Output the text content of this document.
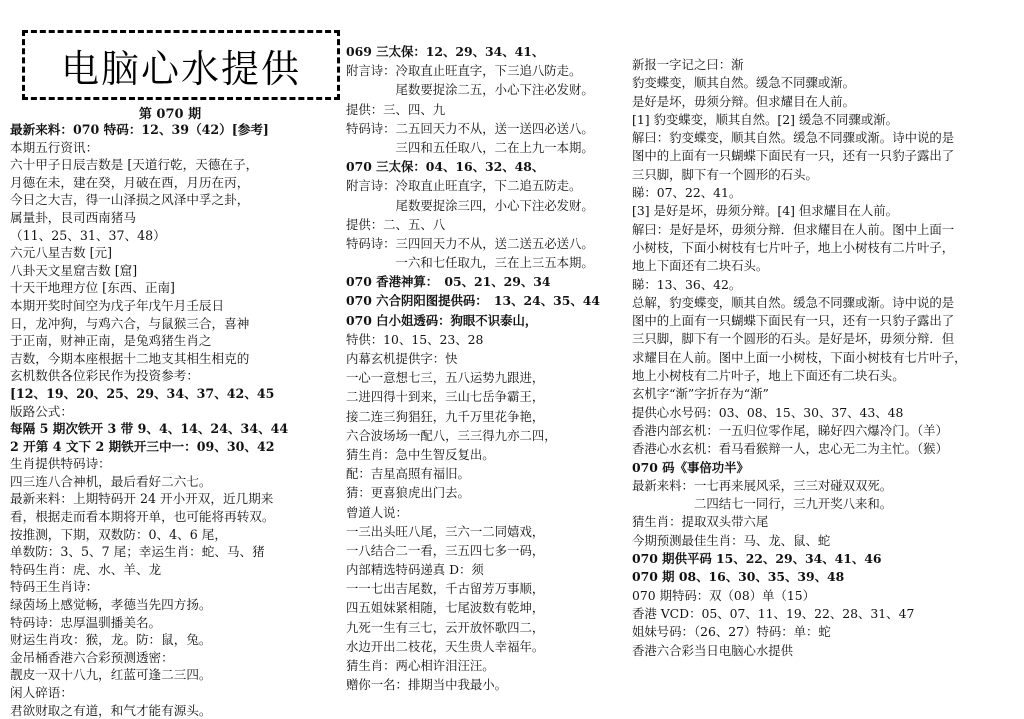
电脑心水提供
第 070 期
最新来料：070 特码：12、39（42）[参考]
本期五行资讯：
六十甲子日辰吉数是 [天道行乾，天德在子，
月德在未，建在癸，月破在酉，月历在丙，
今日之大吉，得一山泽损之风泽中孚之卦，
属量卦，艮司西南猪马
（11、25、31、37、48）
六元八星吉数 [元]
八卦天文星窟吉数 [窟]
十天干地理方位 [东西、正南]
本期开奖时间空为戊子年戊午月壬辰日
日，龙冲狗，与鸡六合，与鼠猴三合，喜神
于正南，财神正南，是兔鸡猪生肖之
吉数，今期本座根据十二地支其相生相克的
玄机数供各位彩民作为投资参考：
[12、19、20、25、29、34、37、42、45
版路公式：
每隔 5 期次铁开 3 带 9、4、14、24、34、44
2 开第 4 文下 2 期铁开三中一：09、30、42
生肖提供特码诗：
四三连八合神机，最后看好二六七。
最新来料：上期特码开 24 开小开双，近几期来
看，根据走而看本期将开单，也可能将再转双。
按推测，下期，双数防：0、4、6 尾，
单数防：3、5、7 尾；幸运生肖：蛇、马、猪
特码生肖：虎、水、羊、龙
特码王生肖诗：
绿茵场上感觉畅，孝德当先四方扬。
特码诗：忠厚温驯播美名。
财运生肖攻：猴，龙。防：鼠，兔。
金吊桶香港六合彩预测透密：
靓皮一双十八九，红蓝可逢二三四。
闲人碎语：
君欲财取之有道，和气才能有源头。
069 三太保：12、29、34、41、
附言诗：冷取直止旺直字，下三追八防走。
　　　　尾数要捉涂二五，小心下注必发财。
提供：三、四、九
特码诗：二五回天力不从，送一送四必送八。
　　　　三四和五任取八，二在上九一本期。
070 三太保：04、16、32、48、
附言诗：冷取直止旺直字，下二追五防走。
　　　　尾数要捉涂三四，小心下注必发财。
提供：二、五、八
特码诗：三四回天力不从，送二送五必送八。
　　　　一六和七任取九，三在上三五本期。
070 香港神算：　05、21、29、34
070 六合阴阳图提供码：　13、24、35、44
070 白小姐透码：狗眼不识泰山，
特供：10、15、23、28
内幕玄机提供字：快
一心一意想七三，五八运势九跟进，
二进四得十到来，三山七岳争霸王，
接二连三狗猖狂，九千万里花争艳，
六合波场场一配八，三三得九亦二四，
猜生肖：急中生智反复出。
配：吉星高照有福旧。
猜：更喜狼虎出门去。
曾道人说：
一三出头旺八尾，三六一二同嬉戏，
一八结合二一看，三五四七多一码，
内部精选特码递真 D：须
一一七出吉尾数，千古留芳万事顺，
四五姐妹紧相随，七尾波数有乾坤，
九死一生有三七，云开放怀歌四二，
水边开出二枝花，天生贵人幸福年。
猜生肖：两心相许泪汪汪。
赠你一名：排期当中我最小。
新报一字记之曰：渐
豹变蝶变，顺其自然。缓急不同骤或渐。
是好是坏，毋须分辩。但求耀目在人前。
[1] 豹变蝶变，顺其自然。[2] 缓急不同骤或渐。
解曰：豹变蝶变，顺其自然。缓急不同骤或渐。诗中说的是
图中的上面有一只蝴蝶下面民有一只，还有一只豹子露出了
三只脚，脚下有一个圆形的石头。
睇：07、22、41。
[3] 是好是坏，毋须分辩。[4] 但求耀目在人前。
解曰：是好是坏，毋须分辩．但求耀目在人前。图中上面一
小树枝，下面小树枝有七片叶子，地上小树枝有二片叶子，
地上下面还有二块石头。
睇：13、36、42。
总解，豹变蝶变，顺其自然。缓急不同骤或渐。诗中说的是
图中的上面有一只蝴蝶下面民有一只，还有一只豹子露出了
三只脚，脚下有一个圆形的石头。是好是坏，毋须分辩．但
求耀目在人前。图中上面一小树枝，下面小树枝有七片叶子，
地上小树枝有二片叶子，地上下面还有二块石头。
玄机字“渐”字折存为“渐”
提供心水号码：03、08、15、30、37、43、48
香港内部玄机：一五归位零作尾，睇好四六爆冷门。（羊）
香港心水玄机：看马看猴辩一人，忠心无二为主忙。（猴）
070 码《事倍功半》
最新来料：一七再来展风采，三三对碰双双死。
　　　　　二四结七一同行，三九开奖八来和。
猜生肖：提取双头带六尾
今期预测最佳生肖：马、龙、鼠、蛇
070 期供平码 15、22、29、34、41、46
070 期 08、16、30、35、39、48
070 期特码：双（08）单（15）
香港 VCD：05、07、11、19、22、28、31、47
姐妹号码：（26、27）特码：单：蛇
香港六合彩当日电脑心水提供
